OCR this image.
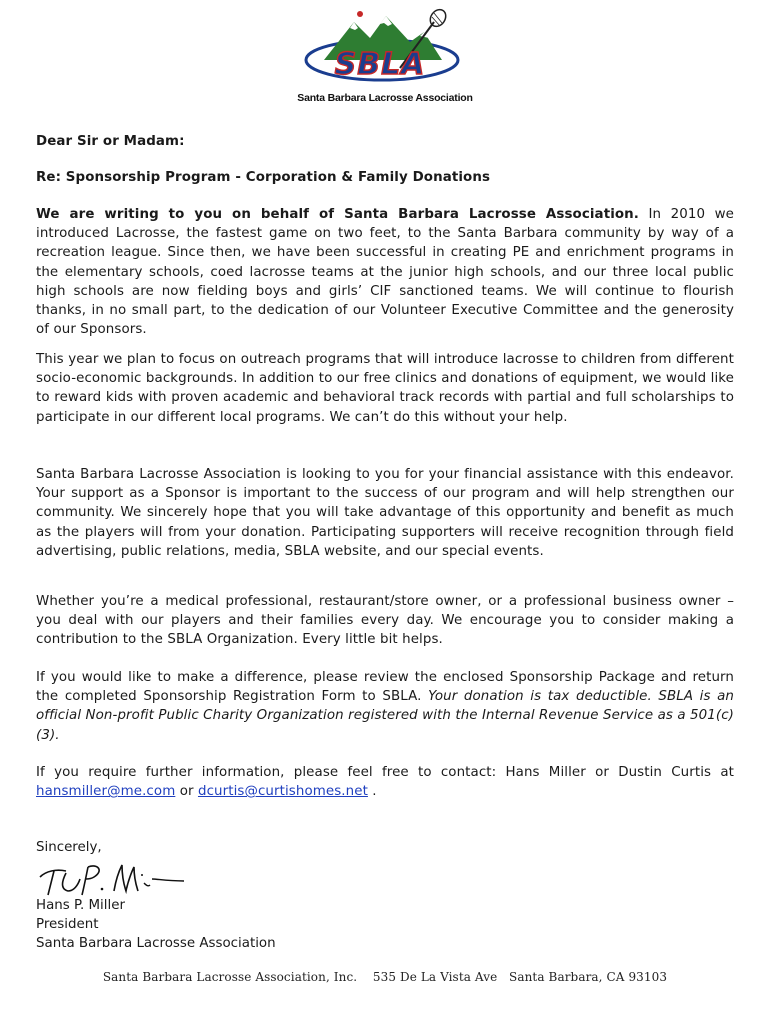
SBLA
Santa Barbara Lacrosse Association
Dear Sir or Madam:
Re: Sponsorship Program - Corporation & Family Donations

We are writing to you on behalf of Santa Barbara Lacrosse Association. In 2010 we introduced Lacrosse, the fastest game on two feet, to the Santa Barbara community by way of a recreation league. Since then, we have been successful in creating PE and enrichment programs in the elementary schools, coed lacrosse teams at the junior high schools, and our three local public high schools are now fielding boys and girls’ CIF sanctioned teams. We will continue to flourish thanks, in no small part, to the dedication of our Volunteer Executive Committee and the generosity of our Sponsors.

This year we plan to focus on outreach programs that will introduce lacrosse to children from different socio-economic backgrounds. In addition to our free clinics and donations of equipment, we would like to reward kids with proven academic and behavioral track records with partial and full scholarships to participate in our different local programs. We can’t do this without your help.

Santa Barbara Lacrosse Association is looking to you for your financial assistance with this endeavor. Your support as a Sponsor is important to the success of our program and will help strengthen our community. We sincerely hope that you will take advantage of this opportunity and benefit as much as the players will from your donation. Participating supporters will receive recognition through field advertising, public relations, media, SBLA website, and our special events.

Whether you’re a medical professional, restaurant/store owner, or a professional business owner – you deal with our players and their families every day. We encourage you to consider making a contribution to the SBLA Organization. Every little bit helps.

If you would like to make a difference, please review the enclosed Sponsorship Package and return the completed Sponsorship Registration Form to SBLA. Your donation is tax deductible. SBLA is an official Non-profit Public Charity Organization registered with the Internal Revenue Service as a 501(c) (3).

If you require further information, please feel free to contact: Hans Miller or Dustin Curtis at hansmiller@me.com or dcurtis@curtishomes.net .

Sincerely,
Hans P. Miller
President
Santa Barbara Lacrosse Association
Santa Barbara Lacrosse Association, Inc. 535 De La Vista Ave Santa Barbara, CA 93103
